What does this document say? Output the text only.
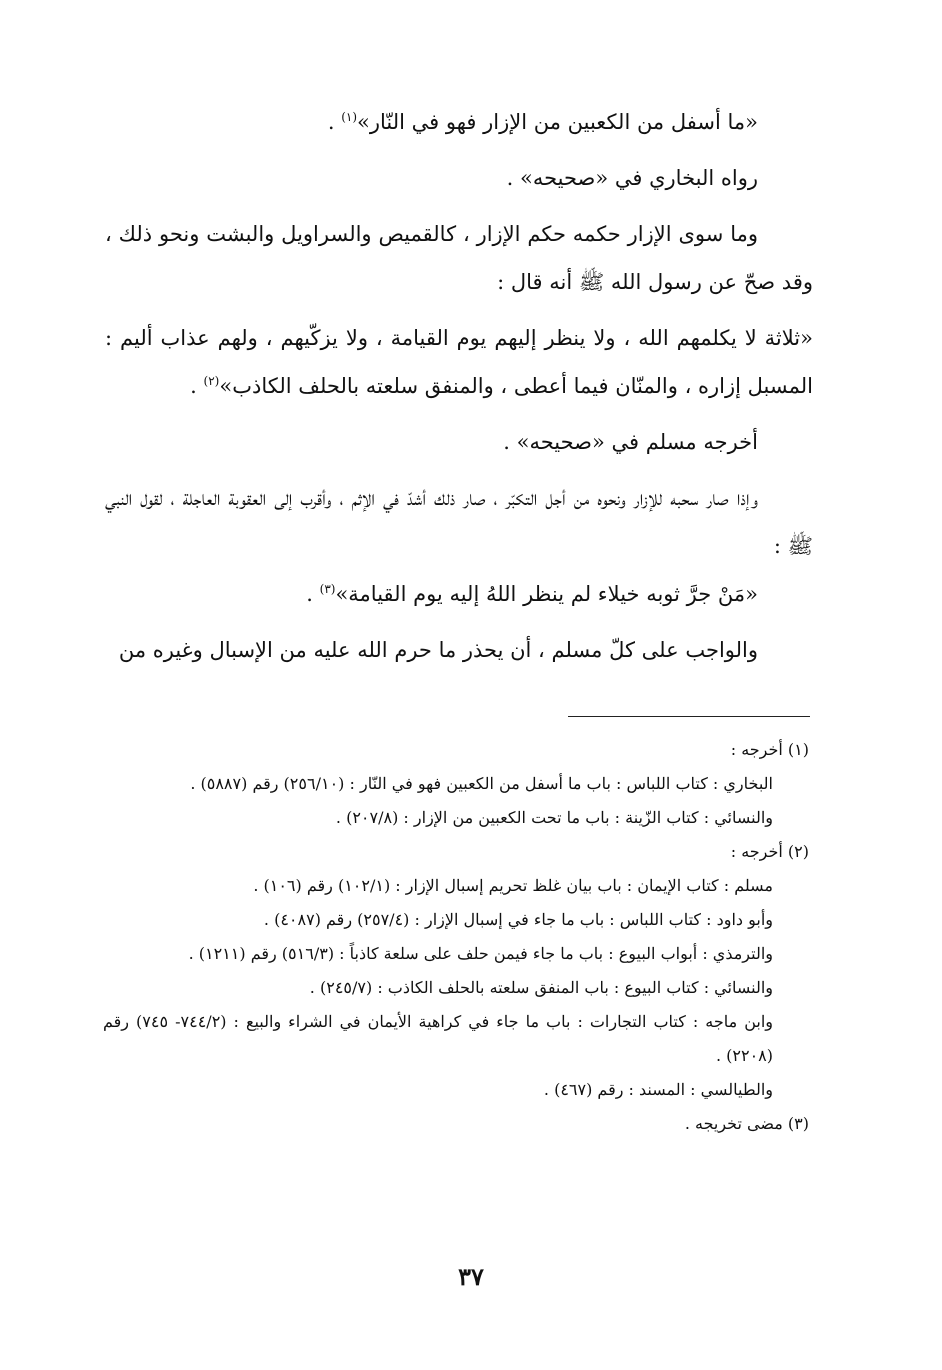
«ما أسفل من الكعبين من الإزار فهو في النّار»$^{(١)}$ .

رواه البخاري في «صحيحه» .

وما سوى الإزار حكمه حكم الإزار ، كالقميص والسراويل والبشت ونحو ذلك ، وقد صحّ عن رسول الله ﷺ أنه قال :

«ثلاثة لا يكلمهم الله ، ولا ينظر إليهم يوم القيامة ، ولا يزكّيهم ، ولهم عذاب أليم : المسبل إزاره ، والمنّان فيما أعطى ، والمنفق سلعته بالحلف الكاذب»$^{(٢)}$ .

أخرجه مسلم في «صحيحه» .

وإذا صار سحبه للإزار ونحوه من أجل التكبّر ، صار ذلك أشدّ في الإثم ، وأقرب إلى العقوبة العاجلة ، لقول النبي ﷺ :

«مَنْ جرَّ ثوبه خيلاء لم ينظر اللهُ إليه يوم القيامة»$^{(٣)}$ .

والواجب على كلّ مسلم ، أن يحذر ما حرم الله عليه من الإسبال وغيره من

(١) أخرجه :

البخاري : كتاب اللباس : باب ما أسفل من الكعبين فهو في النّار : (٢٥٦/١٠) رقم (٥٨٨٧) .

والنسائي : كتاب الزّينة : باب ما تحت الكعبين من الإزار : (٢٠٧/٨) .

(٢) أخرجه :

مسلم : كتاب الإيمان : باب بيان غلظ تحريم إسبال الإزار : (١٠٢/١) رقم (١٠٦) .

وأبو داود : كتاب اللباس : باب ما جاء في إسبال الإزار : (٢٥٧/٤) رقم (٤٠٨٧) .

والترمذي : أبواب البيوع : باب ما جاء فيمن حلف على سلعة كاذباً : (٥١٦/٣) رقم (١٢١١) .

والنسائي : كتاب البيوع : باب المنفق سلعته بالحلف الكاذب : (٢٤٥/٧) .

وابن ماجه : كتاب التجارات : باب ما جاء في كراهية الأيمان في الشراء والبيع : (٧٤٤/٢- ٧٤٥) رقم (٢٢٠٨) .

والطيالسي : المسند : رقم (٤٦٧) .

(٣) مضى تخريجه .

٣٧
